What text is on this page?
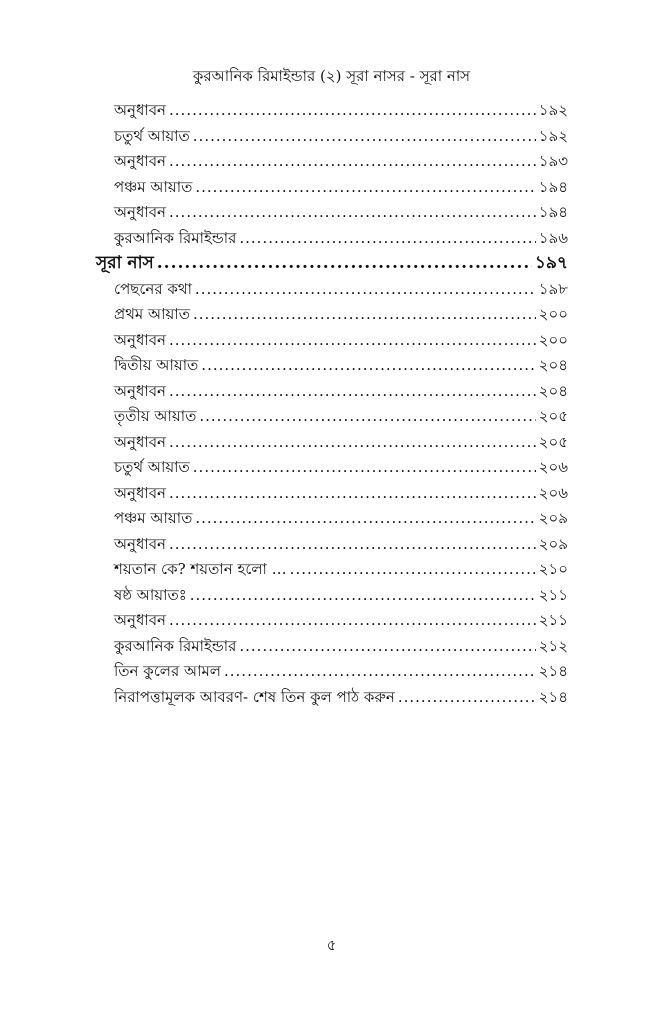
কুরআনিক রিমাইন্ডার (২) সূরা নাসর - সূরা নাস
অনুধাবন .....	১৯২
চতুর্থ আয়াত .....	১৯২
অনুধাবন .....	১৯৩
পঞ্চম আয়াত .....	১৯৪
অনুধাবন .....	১৯৪
কুরআনিক রিমাইন্ডার .....	১৯৬
সূরা নাস .....	১৯৭
পেছনের কথা .....	১৯৮
প্রথম আয়াত .....	২০০
অনুধাবন .....	২০০
দ্বিতীয় আয়াত .....	২০৪
অনুধাবন .....	২০৪
তৃতীয় আয়াত .....	২০৫
অনুধাবন .....	২০৫
চতুর্থ আয়াত .....	২০৬
অনুধাবন .....	২০৬
পঞ্চম আয়াত .....	২০৯
অনুধাবন .....	২০৯
শয়তান কে? শয়তান হলো … .....	২১০
ষষ্ঠ আয়াতঃ .....	২১১
অনুধাবন .....	২১১
কুরআনিক রিমাইন্ডার .....	২১২
তিন কুলের আমল .....	২১৪
নিরাপত্তামূলক আবরণ- শেষ তিন কুল পাঠ করুন .....	২১৪
৫
